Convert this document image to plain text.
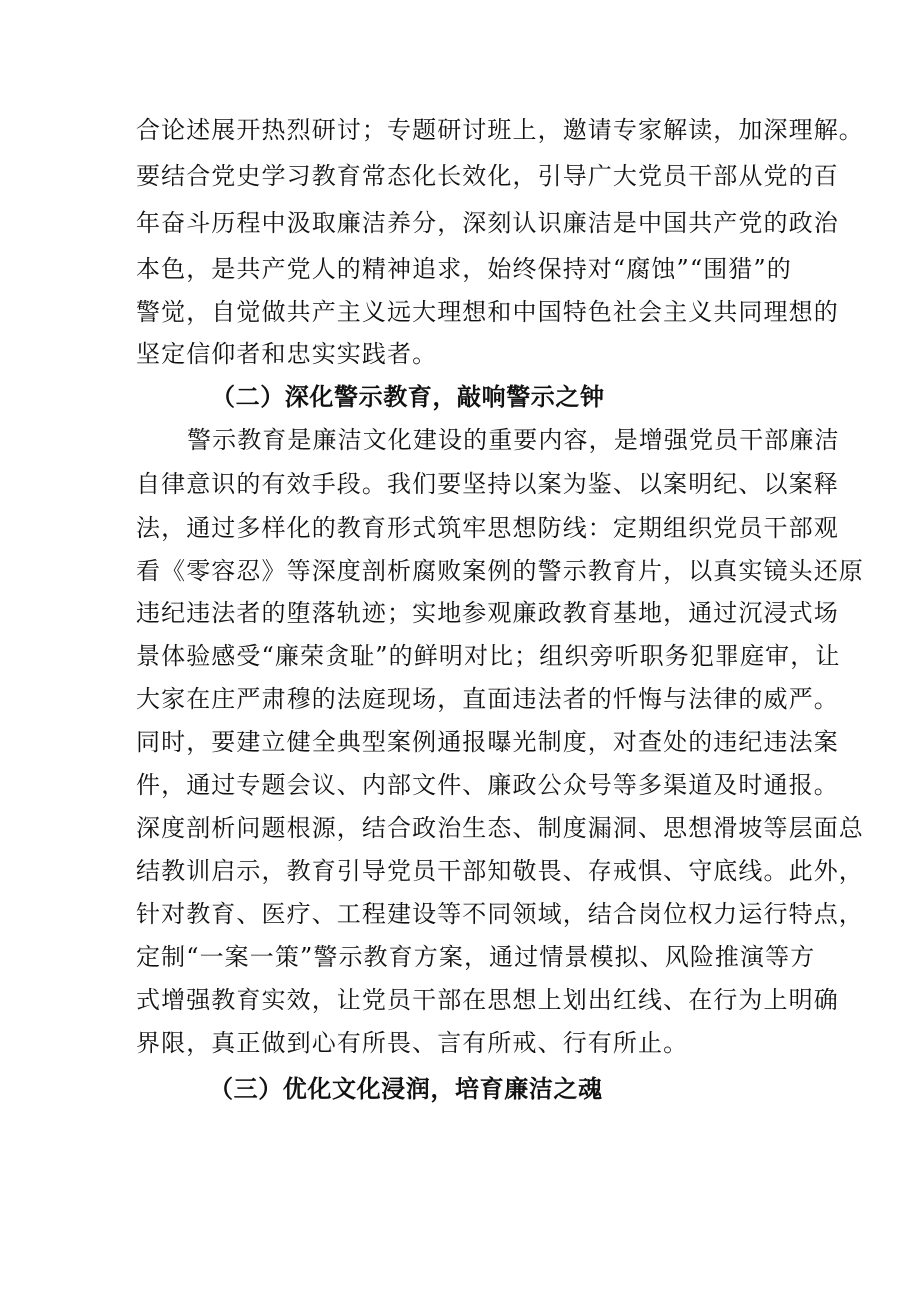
合论述展开热烈研讨；专题研讨班上，邀请专家解读，加深理解。
要结合党史学习教育常态化长效化，引导广大党员干部从党的百
年奋斗历程中汲取廉洁养分，深刻认识廉洁是中国共产党的政治
本色，是共产党人的精神追求，始终保持对“腐蚀”“围猎”的
警觉，自觉做共产主义远大理想和中国特色社会主义共同理想的
坚定信仰者和忠实实践者。
（二）深化警示教育，敲响警示之钟
警示教育是廉洁文化建设的重要内容，是增强党员干部廉洁
自律意识的有效手段。我们要坚持以案为鉴、以案明纪、以案释
法，通过多样化的教育形式筑牢思想防线：定期组织党员干部观
看《零容忍》等深度剖析腐败案例的警示教育片，以真实镜头还原
违纪违法者的堕落轨迹；实地参观廉政教育基地，通过沉浸式场
景体验感受“廉荣贪耻”的鲜明对比；组织旁听职务犯罪庭审，让
大家在庄严肃穆的法庭现场，直面违法者的忏悔与法律的威严。
同时，要建立健全典型案例通报曝光制度，对查处的违纪违法案
件，通过专题会议、内部文件、廉政公众号等多渠道及时通报。
深度剖析问题根源，结合政治生态、制度漏洞、思想滑坡等层面总
结教训启示，教育引导党员干部知敬畏、存戒惧、守底线。此外，
针对教育、医疗、工程建设等不同领域，结合岗位权力运行特点，
定制“一案一策”警示教育方案，通过情景模拟、风险推演等方
式增强教育实效，让党员干部在思想上划出红线、在行为上明确
界限，真正做到心有所畏、言有所戒、行有所止。
（三）优化文化浸润，培育廉洁之魂
